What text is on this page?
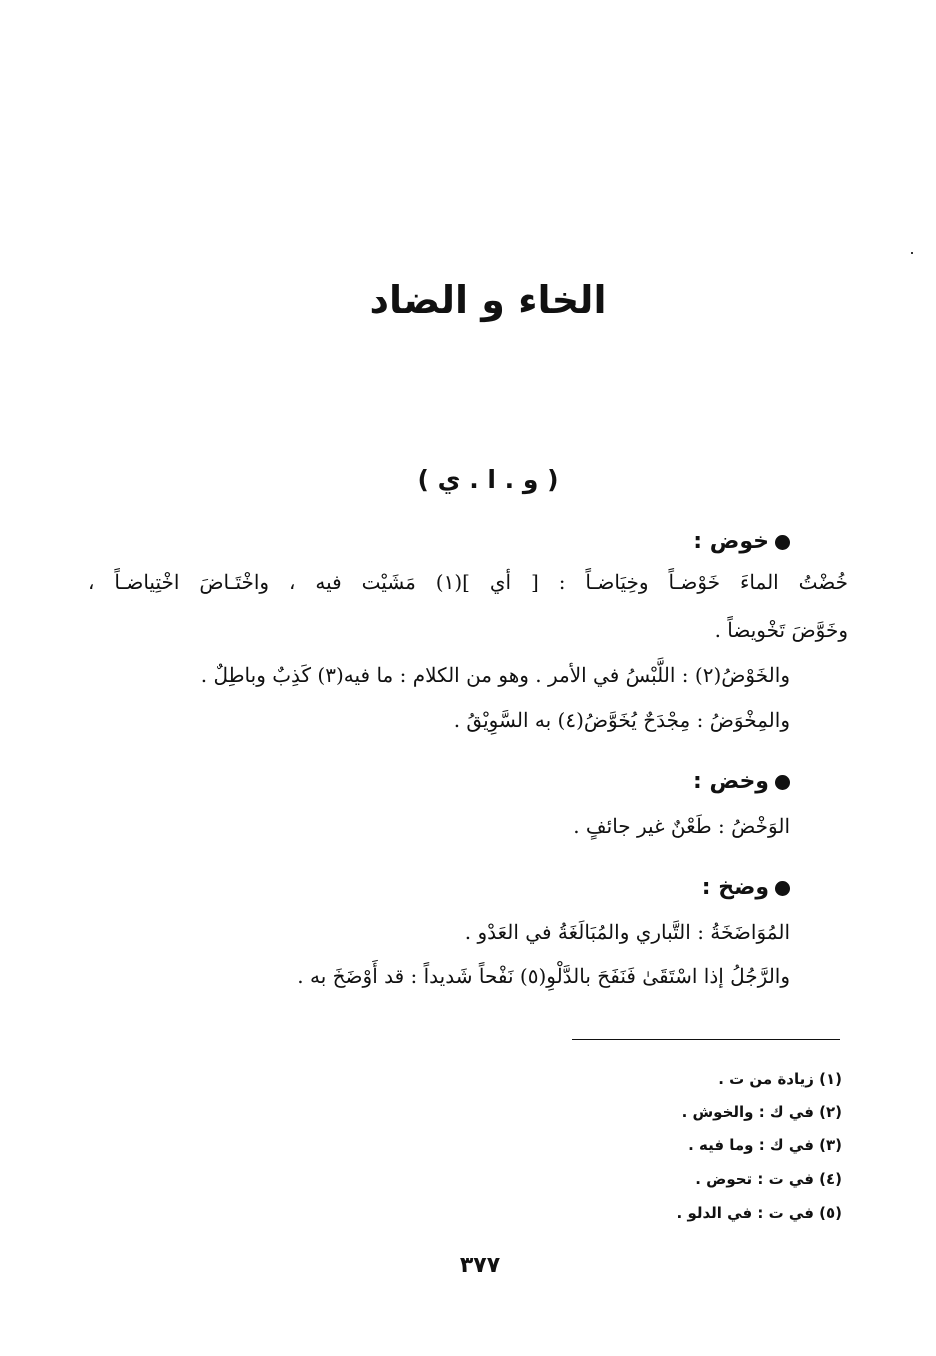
الخاء و الضاد
( و . ا . ي )
خوض :
خُضْتُ الماءَ خَوْضـاً وخِيَاضـاً : [ أي ](١) مَشَيْت فيه ، واخْتَـاضَ اخْتِياضـاً ،
وخَوَّضَ تَخْويضاً .
والخَوْضُ(٢) : اللَّبْسُ في الأمر . وهو من الكلام : ما فيه(٣) كَذِبٌ وباطِلٌ .
والمِخْوَضُ : مِجْدَحٌ يُخَوَّضُ(٤) به السَّوِيْقُ .
وخض :
الوَخْضُ : طَعْنٌ غير جائفٍ .
وضخ :
المُوَاضَخَةُ : التَّباري والمُبَالَغَةُ في العَدْو .
والرَّجُلُ إذا اسْتَقَىٰ فَنَفَحَ بالدَّلْوِ(٥) نَفْحاً شَديداً : قد أَوْضَخَ به .
(١) زيادة من ت .
(٢) في ك : والخوش .
(٣) في ك : وما فيه .
(٤) في ت : تحوض .
(٥) في ت : في الدلو .
٣٧٧
